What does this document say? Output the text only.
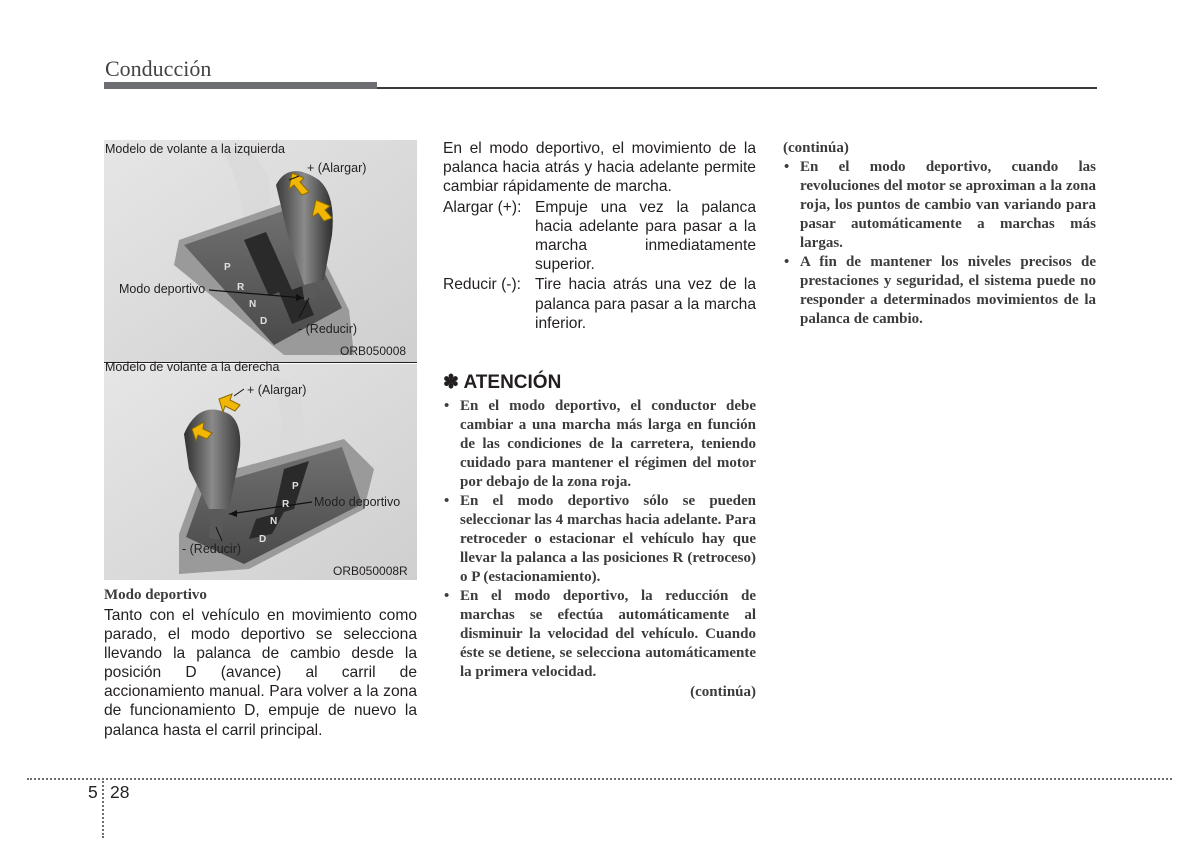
Conducción
P
R
N
D
Modelo de volante a la izquierda
+ (Alargar)
Modo deportivo
- (Reducir)
ORB050008
P
R
N
D
Modelo de volante a la derecha
+ (Alargar)
Modo deportivo
- (Reducir)
ORB050008R
Modo deportivo
Tanto con el vehículo en movimiento como parado, el modo deportivo se selecciona llevando la palanca de cambio desde la posición D (avance) al carril de accionamiento manual. Para volver a la zona de funcionamiento D, empuje de nuevo la palanca hasta el carril principal.
En el modo deportivo, el movimiento de la palanca hacia atrás y hacia adelante permite cambiar rápidamente de marcha.
Alargar (+): Empuje una vez la palanca hacia adelante para pasar a la marcha inmediatamente superior.
Reducir (-): Tire hacia atrás una vez de la palanca para pasar a la marcha inferior.
✽ ATENCIÓN
• En el modo deportivo, el conductor debe cambiar a una marcha más larga en función de las condiciones de la carretera, teniendo cuidado para mantener el régimen del motor por debajo de la zona roja.
• En el modo deportivo sólo se pueden seleccionar las 4 marchas hacia adelante. Para retroceder o estacionar el vehículo hay que llevar la palanca a las posiciones R (retroceso) o P (estacionamiento).
• En el modo deportivo, la reducción de marchas se efectúa automáticamente al disminuir la velocidad del vehículo. Cuando éste se detiene, se selecciona automáticamente la primera velocidad.
(continúa)
(continúa)
• En el modo deportivo, cuando las revoluciones del motor se aproximan a la zona roja, los puntos de cambio van variando para pasar automáticamente a marchas más largas.
• A fin de mantener los niveles precisos de prestaciones y seguridad, el sistema puede no responder a determinados movimientos de la palanca de cambio.
5 28
